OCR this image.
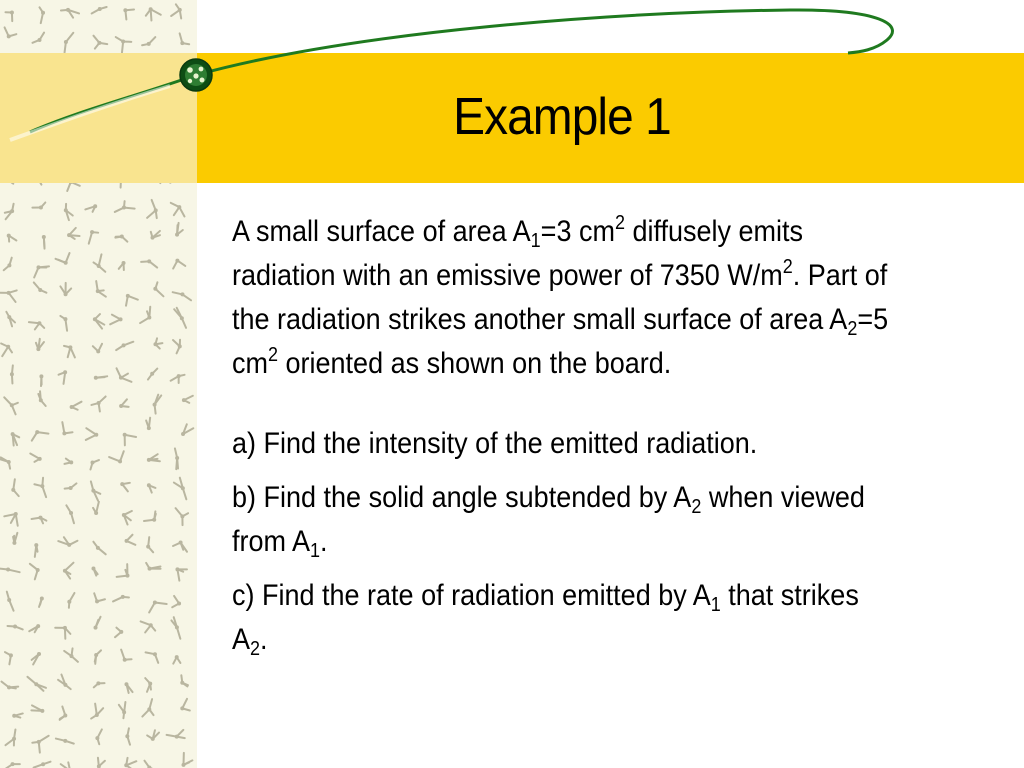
Example 1

A small surface of area $A_1=3$ $cm^2$ diffusely emits radiation with an emissive power of 7350 $W/m^2$. Part of the radiation strikes another small surface of area $A_2=5$ $cm^2$ oriented as shown on the board.

a) Find the intensity of the emitted radiation.

b) Find the solid angle subtended by $A_2$ when viewed from $A_1$.

c) Find the rate of radiation emitted by $A_1$ that strikes $A_2$.
